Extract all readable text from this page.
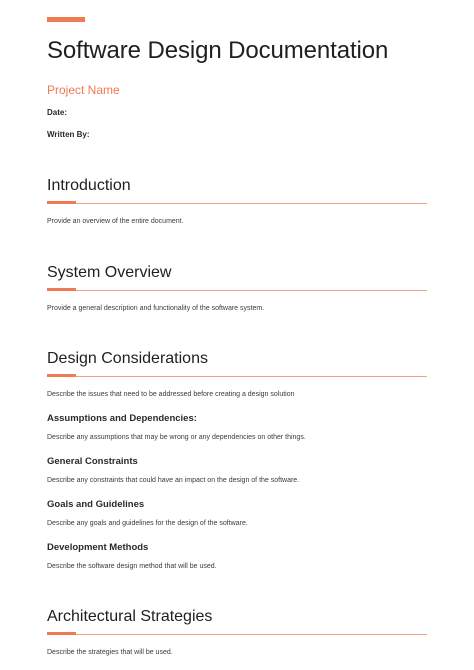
Software Design Documentation
Project Name
Date:
Written By:
Introduction
Provide an overview of the entire document.
System Overview
Provide a general description and functionality of the software system.
Design Considerations
Describe the issues that need to be addressed before creating a design solution
Assumptions and Dependencies:
Describe any assumptions that may be wrong or any dependencies on other things.
General Constraints
Describe any constraints that could have an impact on the design of the software.
Goals and Guidelines
Describe any goals and guidelines for the design of the software.
Development Methods
Describe the software design method that will be used.
Architectural Strategies
Describe the strategies that will be used.
